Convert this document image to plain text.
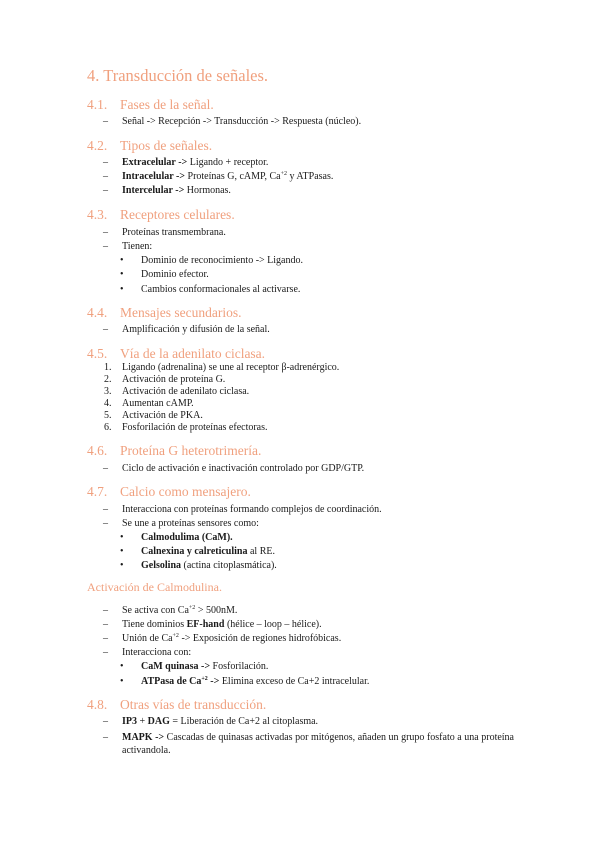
4. Transducción de señales.
4.1. Fases de la señal.
– Señal -> Recepción -> Transducción -> Respuesta (núcleo).
4.2. Tipos de señales.
– Extracelular -> Ligando + receptor.
– Intracelular -> Proteínas G, cAMP, $Ca^{+2}$ y ATPasas.
– Intercelular -> Hormonas.
4.3. Receptores celulares.
– Proteínas transmembrana.
– Tienen:
• Dominio de reconocimiento -> Ligando.
• Dominio efector.
• Cambios conformacionales al activarse.
4.4. Mensajes secundarios.
– Amplificación y difusión de la señal.
4.5. Vía de la adenilato ciclasa.
1. Ligando (adrenalina) se une al receptor β-adrenérgico.
2. Activación de proteína G.
3. Activación de adenilato ciclasa.
4. Aumentan cAMP.
5. Activación de PKA.
6. Fosforilación de proteínas efectoras.
4.6. Proteína G heterotrimería.
– Ciclo de activación e inactivación controlado por GDP/GTP.
4.7. Calcio como mensajero.
– Interacciona con proteínas formando complejos de coordinación.
– Se une a proteínas sensores como:
• Calmodulima (CaM).
• Calnexina y calreticulina al RE.
• Gelsolina (actina citoplasmática).
Activación de Calmodulina.
– Se activa con $Ca^{+2} > 500nM$.
– Tiene dominios EF-hand (hélice – loop – hélice).
– Unión de $Ca^{+2}$ -> Exposición de regiones hidrofóbicas.
– Interacciona con:
• CaM quinasa -> Fosforilación.
• ATPasa de $Ca^{+2} -> Elimina$ exceso de Ca+2 intracelular.
4.8. Otras vías de transducción.
– IP3 + DAG = Liberación de Ca+2 al citoplasma.
– MAPK -> Cascadas de quinasas activadas por mitógenos, añaden un grupo fosfato a una proteína activandola.
